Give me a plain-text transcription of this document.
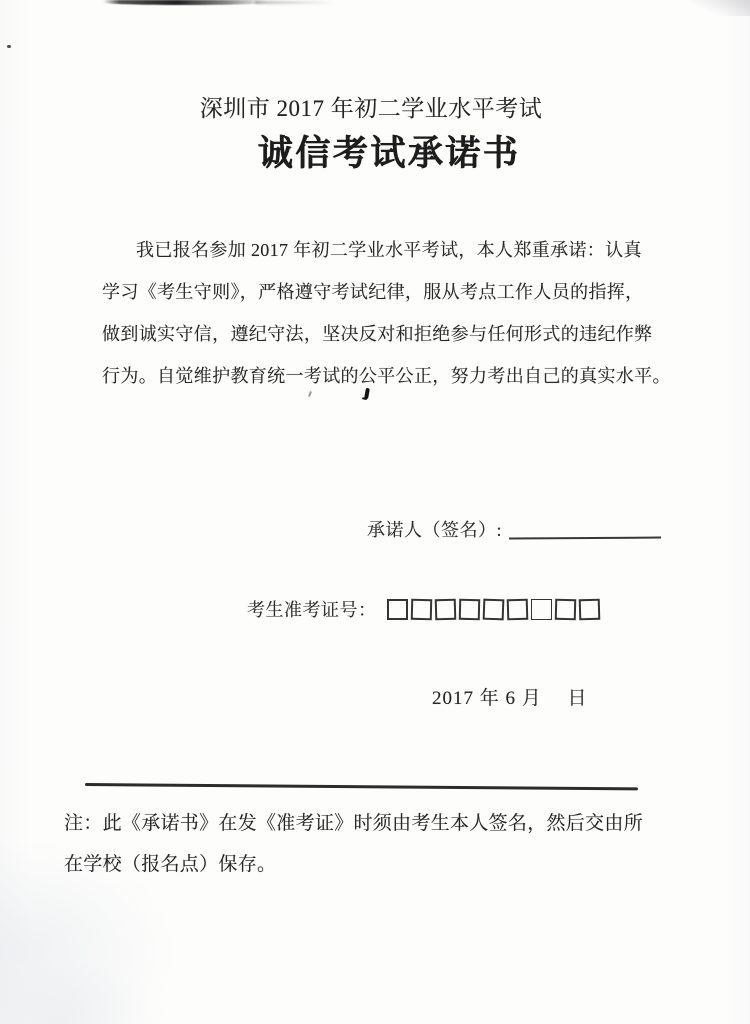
深圳市 2017 年初二学业水平考试
诚信考试承诺书
我已报名参加 2017 年初二学业水平考试，本人郑重承诺：认真
学习《考生守则》，严格遵守考试纪律，服从考点工作人员的指挥，
做到诚实守信，遵纪守法，坚决反对和拒绝参与任何形式的违纪作弊
行为。自觉维护教育统一考试的公平公正，努力考出自己的真实水平。
承诺人（签名）:
考生准考证号：
2017 年 6 月　 日
注：此《承诺书》在发《准考证》时须由考生本人签名，然后交由所
在学校（报名点）保存。
